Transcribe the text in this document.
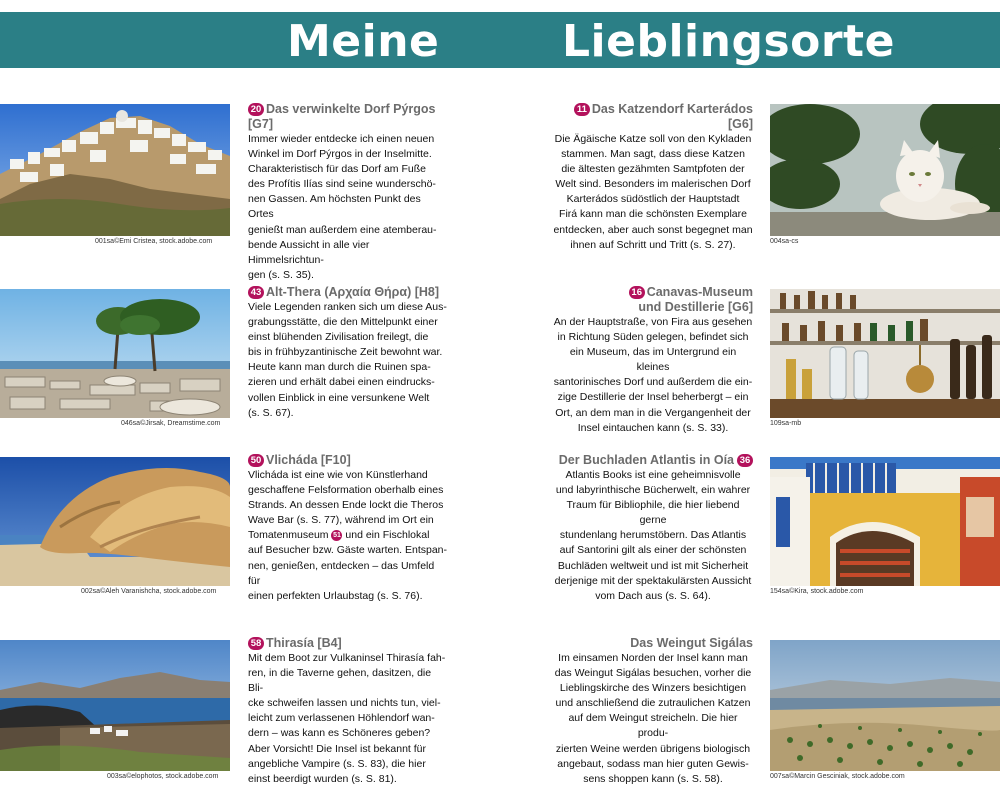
Meine	Lieblingsorte
001sa©Emi Cristea, stock.adobe.com
20 Das verwinkelte Dorf Pýrgos [G7]
Immer wieder entdecke ich einen neuen
Winkel im Dorf Pýrgos in der Inselmitte.
Charakteristisch für das Dorf am Fuße
des Profítis Ilías sind seine wunderschö-
nen Gassen. Am höchsten Punkt des Ortes
genießt man außerdem eine atemberau-
bende Aussicht in alle vier Himmelsrichtun-
gen (s. S. 35).
046sa©Jirsak, Dreamstime.com
43 Alt-Thera (Αρχαία Θήρα) [H8]
Viele Legenden ranken sich um diese Aus-
grabungsstätte, die den Mittelpunkt einer
einst blühenden Zivilisation freilegt, die
bis in frühbyzantinische Zeit bewohnt war.
Heute kann man durch die Ruinen spa-
zieren und erhält dabei einen eindrucks-
vollen Einblick in eine versunkene Welt
(s. S. 67).
002sa©Aleh Varanishcha, stock.adobe.com
50 Vlicháda [F10]
Vlicháda ist eine wie von Künstlerhand
geschaffene Felsformation oberhalb eines
Strands. An dessen Ende lockt die Theros
Wave Bar (s. S. 77), während im Ort ein
Tomatenmuseum 51 und ein Fischlokal
auf Besucher bzw. Gäste warten. Entspan-
nen, genießen, entdecken – das Umfeld für
einen perfekten Urlaubstag (s. S. 76).
003sa©elophotos, stock.adobe.com
58 Thirasía [B4]
Mit dem Boot zur Vulkaninsel Thirasía fah-
ren, in die Taverne gehen, dasitzen, die Bli-
cke schweifen lassen und nichts tun, viel-
leicht zum verlassenen Höhlendorf wan-
dern – was kann es Schöneres geben?
Aber Vorsicht! Die Insel ist bekannt für
angebliche Vampire (s. S. 83), die hier
einst beerdigt wurden (s. S. 81).
11 Das Katzendorf Karterádos [G6]
Die Ägäische Katze soll von den Kykladen
stammen. Man sagt, dass diese Katzen
die ältesten gezähmten Samtpfoten der
Welt sind. Besonders im malerischen Dorf
Karterádos südöstlich der Hauptstadt
Firá kann man die schönsten Exemplare
entdecken, aber auch sonst begegnet man
ihnen auf Schritt und Tritt (s. S. 27).	004sa-cs
16 Canavas-Museum
und Destillerie [G6]
An der Hauptstraße, von Fira aus gesehen
in Richtung Süden gelegen, befindet sich
ein Museum, das im Untergrund ein kleines
santorinisches Dorf und außerdem die ein-
zige Destillerie der Insel beherbergt – ein
Ort, an dem man in die Vergangenheit der
Insel eintauchen kann (s. S. 33).	109sa-mb
Der Buchladen Atlantis in Oía 36
Atlantis Books ist eine geheimnisvolle
und labyrinthische Bücherwelt, ein wahrer
Traum für Bibliophile, die hier liebend gerne
stundenlang herumstöbern. Das Atlantis
auf Santorini gilt als einer der schönsten
Buchläden weltweit und ist mit Sicherheit
derjenige mit der spektakulärsten Aussicht
vom Dach aus (s. S. 64).	154sa©Kira, stock.adobe.com
Das Weingut Sigálas
Im einsamen Norden der Insel kann man
das Weingut Sigálas besuchen, vorher die
Lieblingskirche des Winzers besichtigen
und anschließend die zutraulichen Katzen
auf dem Weingut streicheln. Die hier produ-
zierten Weine werden übrigens biologisch
angebaut, sodass man hier guten Gewis-
sens shoppen kann (s. S. 58).	007sa©Marcin Gesciniak, stock.adobe.com
